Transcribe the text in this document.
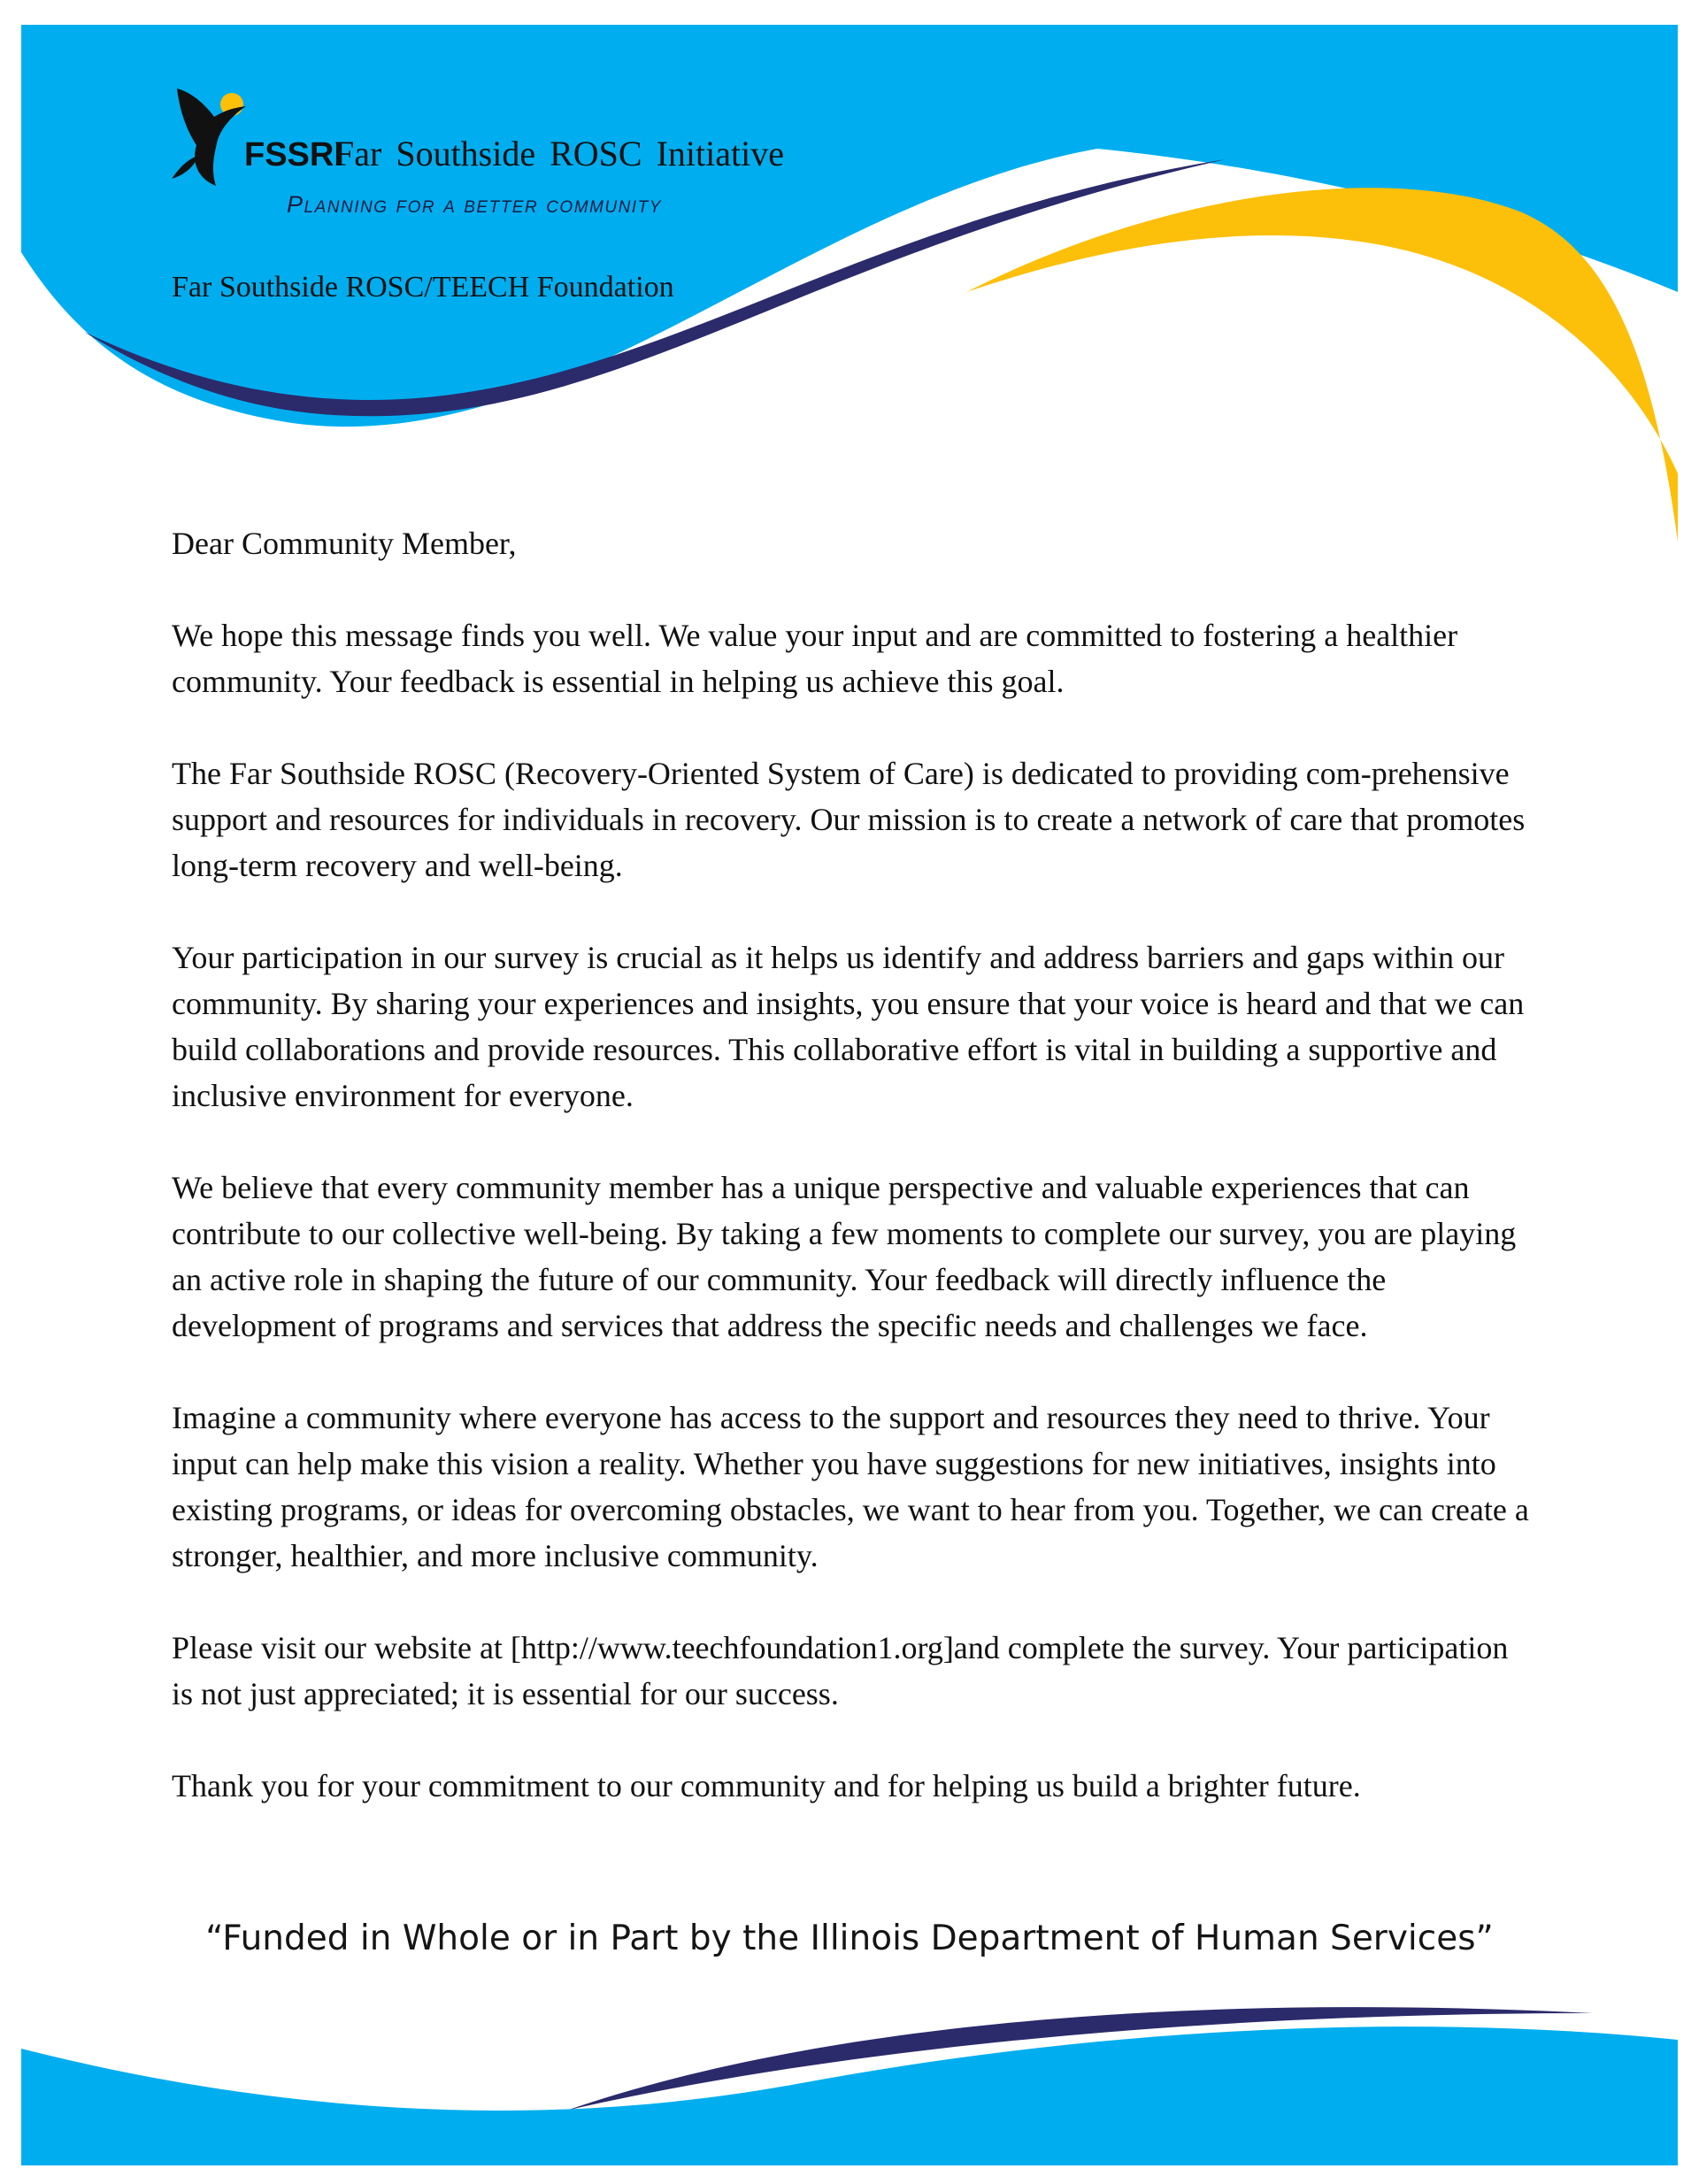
FSSRI
Far Southside ROSC Initiative
Planning for a better community
Far Southside ROSC/TEECH Foundation

Dear Community Member,

We hope this message finds you well. We value your input and are committed to fostering a healthier community. Your feedback is essential in helping us achieve this goal.

The Far Southside ROSC (Recovery-Oriented System of Care) is dedicated to providing com-prehensive support and resources for individuals in recovery. Our mission is to create a network of care that promotes long-term recovery and well-being.

Your participation in our survey is crucial as it helps us identify and address barriers and gaps within our community. By sharing your experiences and insights, you ensure that your voice is heard and that we can build collaborations and provide resources. This collaborative effort is vital in building a supportive and inclusive environment for everyone.

We believe that every community member has a unique perspective and valuable experiences that can contribute to our collective well-being. By taking a few moments to complete our survey, you are playing an active role in shaping the future of our community. Your feedback will directly influence the development of programs and services that address the specific needs and challenges we face.

Imagine a community where everyone has access to the support and resources they need to thrive. Your input can help make this vision a reality. Whether you have suggestions for new initiatives, insights into existing programs, or ideas for overcoming obstacles, we want to hear from you. Together, we can create a stronger, healthier, and more inclusive community.

Please visit our website at [http://www.teechfoundation1.org]and complete the survey. Your participation is not just appreciated; it is essential for our success.

Thank you for your commitment to our community and for helping us build a brighter future.

“Funded in Whole or in Part by the Illinois Department of Human Services”
